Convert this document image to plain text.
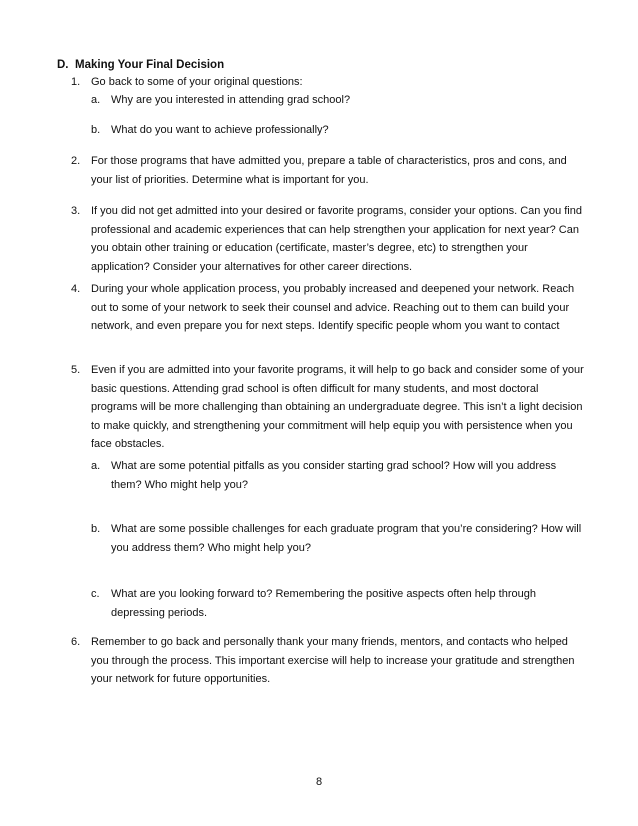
D. Making Your Final Decision
1. Go back to some of your original questions:
a. Why are you interested in attending grad school?
b. What do you want to achieve professionally?
2. For those programs that have admitted you, prepare a table of characteristics, pros and cons, and your list of priorities. Determine what is important for you.
3. If you did not get admitted into your desired or favorite programs, consider your options. Can you find professional and academic experiences that can help strengthen your application for next year? Can you obtain other training or education (certificate, master’s degree, etc) to strengthen your application? Consider your alternatives for other career directions.
4. During your whole application process, you probably increased and deepened your network. Reach out to some of your network to seek their counsel and advice. Reaching out to them can build your network, and even prepare you for next steps. Identify specific people whom you want to contact
5. Even if you are admitted into your favorite programs, it will help to go back and consider some of your basic questions. Attending grad school is often difficult for many students, and most doctoral programs will be more challenging than obtaining an undergraduate degree. This isn’t a light decision to make quickly, and strengthening your commitment will help equip you with persistence when you face obstacles.
a. What are some potential pitfalls as you consider starting grad school? How will you address them? Who might help you?
b. What are some possible challenges for each graduate program that you’re considering? How will you address them? Who might help you?
c. What are you looking forward to? Remembering the positive aspects often help through depressing periods.
6. Remember to go back and personally thank your many friends, mentors, and contacts who helped you through the process. This important exercise will help to increase your gratitude and strengthen your network for future opportunities.
8
